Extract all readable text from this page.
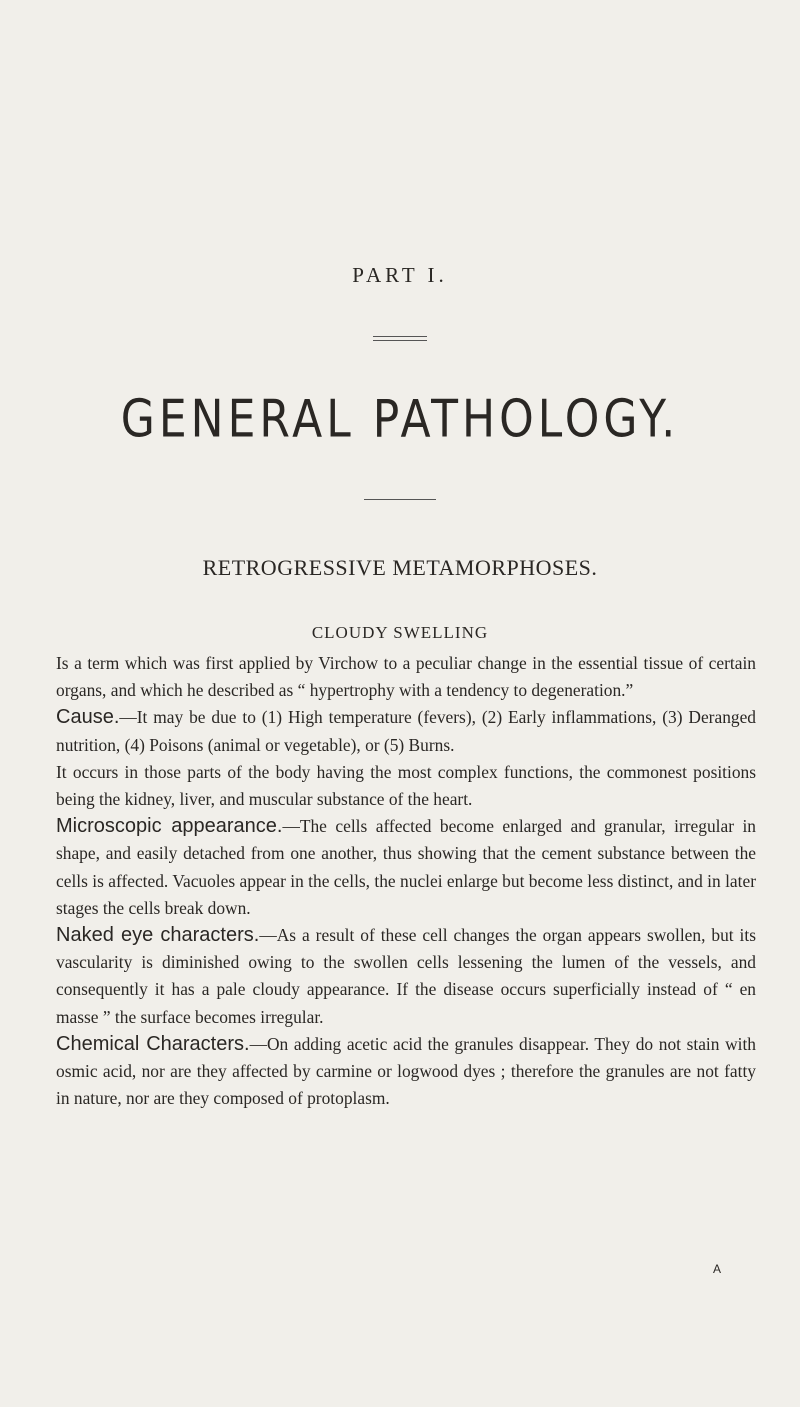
PART I.
GENERAL PATHOLOGY.
RETROGRESSIVE METAMORPHOSES.
CLOUDY SWELLING

Is a term which was first applied by Virchow to a peculiar change in the essential tissue of certain organs, and which he described as “ hypertrophy with a tendency to degeneration.”

Cause.—It may be due to (1) High temperature (fevers), (2) Early inflammations, (3) Deranged nutrition, (4) Poisons (animal or vegetable), or (5) Burns.

It occurs in those parts of the body having the most complex functions, the commonest positions being the kidney, liver, and muscular substance of the heart.

Microscopic appearance.—The cells affected become enlarged and granular, irregular in shape, and easily detached from one another, thus showing that the cement substance between the cells is affected. Vacuoles appear in the cells, the nuclei enlarge but become less distinct, and in later stages the cells break down.

Naked eye characters.—As a result of these cell changes the organ appears swollen, but its vascularity is diminished owing to the swollen cells lessening the lumen of the vessels, and consequently it has a pale cloudy appearance. If the disease occurs superficially instead of “ en masse ” the surface becomes irregular.

Chemical Characters.—On adding acetic acid the granules disappear. They do not stain with osmic acid, nor are they affected by carmine or logwood dyes ; therefore the granules are not fatty in nature, nor are they composed of protoplasm.

A
